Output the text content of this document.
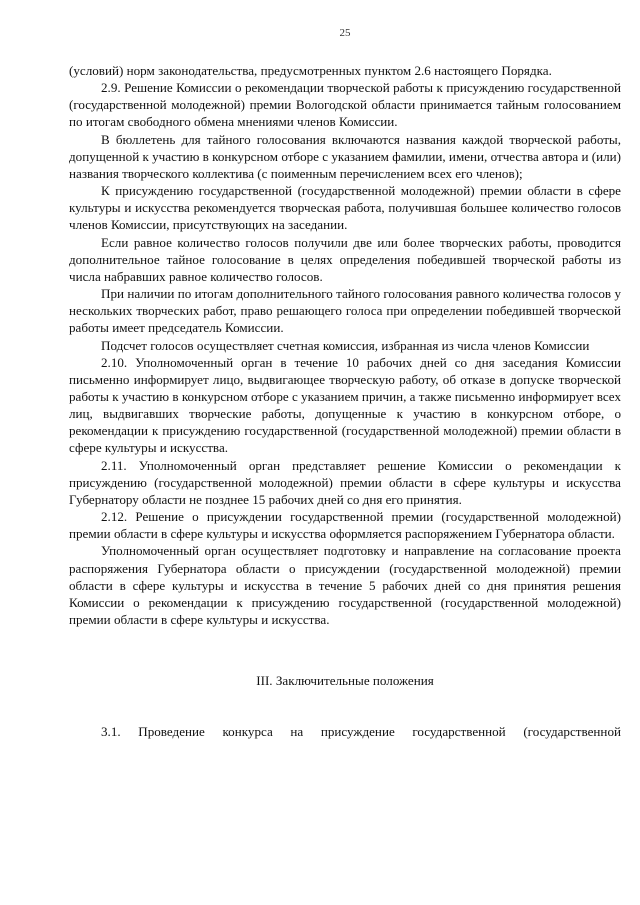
25

(условий) норм законодательства, предусмотренных пунктом 2.6 настоящего Порядка.

2.9. Решение Комиссии о рекомендации творческой работы к присуждению государственной (государственной молодежной) премии Вологодской области принимается тайным голосованием по итогам свободного обмена мнениями членов Комиссии.

В бюллетень для тайного голосования включаются названия каждой творческой работы, допущенной к участию в конкурсном отборе с указанием фамилии, имени, отчества автора и (или) названия творческого коллектива (с поименным перечислением всех его членов);

К присуждению государственной (государственной молодежной) премии области в сфере культуры и искусства рекомендуется творческая работа, получившая большее количество голосов членов Комиссии, присутствующих на заседании.

Если равное количество голосов получили две или более творческих работы, проводится дополнительное тайное голосование в целях определения победившей творческой работы из числа набравших равное количество голосов.

При наличии по итогам дополнительного тайного голосования равного количества голосов у нескольких творческих работ, право решающего голоса при определении победившей творческой работы имеет председатель Комиссии.

Подсчет голосов осуществляет счетная комиссия, избранная из числа членов Комиссии

2.10. Уполномоченный орган в течение 10 рабочих дней со дня заседания Комиссии письменно информирует лицо, выдвигающее творческую работу, об отказе в допуске творческой работы к участию в конкурсном отборе с указанием причин, а также письменно информирует всех лиц, выдвигавших творческие работы, допущенные к участию в конкурсном отборе, о рекомендации к присуждению государственной (государственной молодежной) премии области в сфере культуры и искусства.

2.11. Уполномоченный орган представляет решение Комиссии о рекомендации к присуждению (государственной молодежной) премии области в сфере культуры и искусства Губернатору области не позднее 15 рабочих дней со дня его принятия.

2.12. Решение о присуждении государственной премии (государственной молодежной) премии области в сфере культуры и искусства оформляется распоряжением Губернатора области.

Уполномоченный орган осуществляет подготовку и направление на согласование проекта распоряжения Губернатора области о присуждении (государственной молодежной) премии области в сфере культуры и искусства в течение 5 рабочих дней со дня принятия решения Комиссии о рекомендации к присуждению государственной (государственной молодежной) премии области в сфере культуры и искусства.

III. Заключительные положения

3.1. Проведение конкурса на присуждение государственной (государственной
